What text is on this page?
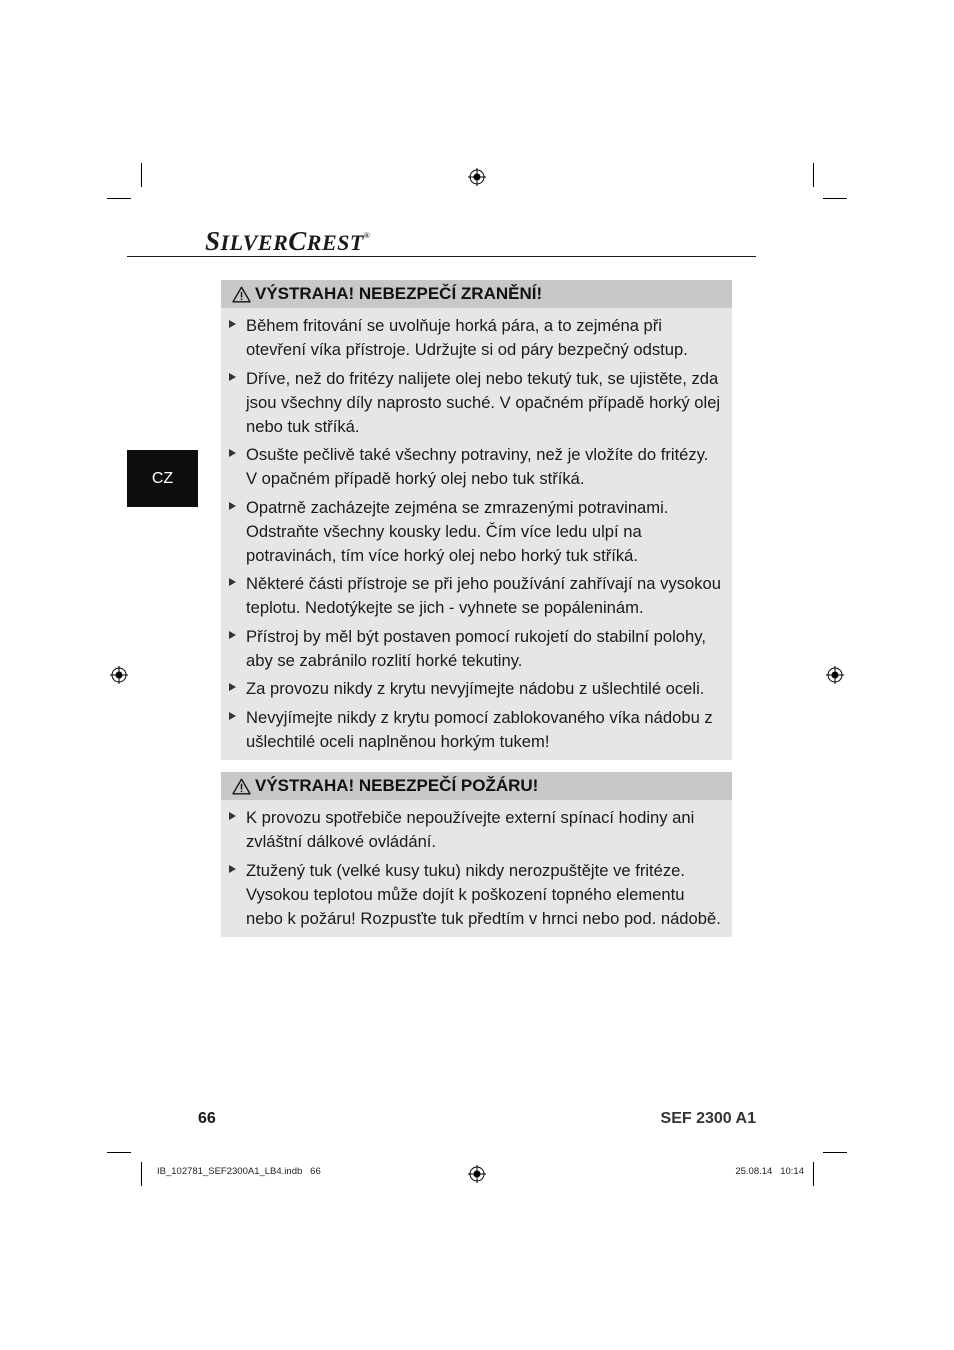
SILVERCREST®
CZ
VÝSTRAHA! NEBEZPEČÍ ZRANĚNÍ!
Během fritování se uvolňuje horká pára, a to zejména při otevření víka přístroje. Udržujte si od páry bezpečný odstup.
Dříve, než do fritézy nalijete olej nebo tekutý tuk, se ujistěte, zda jsou všechny díly naprosto suché. V opačném případě horký olej nebo tuk stříká.
Osušte pečlivě také všechny potraviny, než je vložíte do fritézy. V opačném případě horký olej nebo tuk stříká.
Opatrně zacházejte zejména se zmrazenými potravinami. Odstraňte všechny kousky ledu. Čím více ledu ulpí na potravinách, tím více horký olej nebo horký tuk stříká.
Některé části přístroje se při jeho používání zahřívají na vysokou teplotu. Nedotýkejte se jich - vyhnete se popáleninám.
Přístroj by měl být postaven pomocí rukojetí do stabilní polohy, aby se zabránilo rozlití horké tekutiny.
Za provozu nikdy z krytu nevyjímejte nádobu z ušlechtilé oceli.
Nevyjímejte nikdy z krytu pomocí zablokovaného víka nádobu z ušlechtilé oceli naplněnou horkým tukem!
VÝSTRAHA! NEBEZPEČÍ POŽÁRU!
K provozu spotřebiče nepoužívejte externí spínací hodiny ani zvláštní dálkové ovládání.
Ztužený tuk (velké kusy tuku) nikdy nerozpuštějte ve fritéze. Vysokou teplotou může dojít k poškození topného elementu nebo k požáru! Rozpusťte tuk předtím v hrnci nebo pod. nádobě.
66	SEF 2300 A1
IB_102781_SEF2300A1_LB4.indb   66	25.08.14   10:14
